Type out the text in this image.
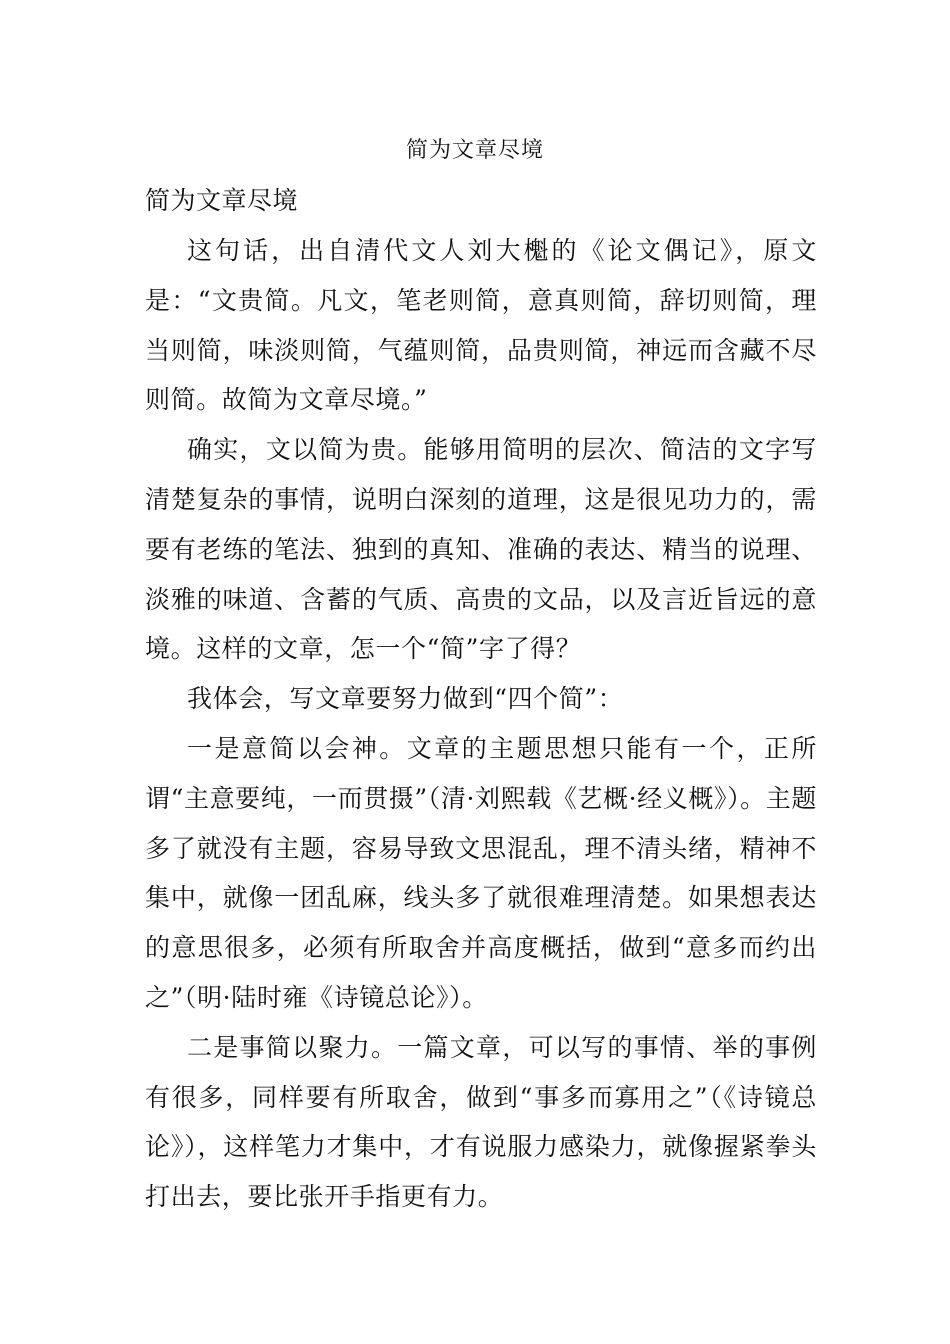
简为文章尽境
简为文章尽境

这句话，出自清代文人刘大櫆的《论文偶记》，原文是：“文贵简。凡文，笔老则简，意真则简，辞切则简，理当则简，味淡则简，气蕴则简，品贵则简，神远而含藏不尽则简。故简为文章尽境。”

确实，文以简为贵。能够用简明的层次、简洁的文字写清楚复杂的事情，说明白深刻的道理，这是很见功力的，需要有老练的笔法、独到的真知、准确的表达、精当的说理、淡雅的味道、含蓄的气质、高贵的文品，以及言近旨远的意境。这样的文章，怎一个“简”字了得？

我体会，写文章要努力做到“四个简”：

一是意简以会神。文章的主题思想只能有一个，正所谓“主意要纯，一而贯摄”（清·刘熙载《艺概·经义概》）。主题多了就没有主题，容易导致文思混乱，理不清头绪，精神不集中，就像一团乱麻，线头多了就很难理清楚。如果想表达的意思很多，必须有所取舍并高度概括，做到“意多而约出之”（明·陆时雍《诗镜总论》）。

二是事简以聚力。一篇文章，可以写的事情、举的事例有很多，同样要有所取舍，做到“事多而寡用之”（《诗镜总论》），这样笔力才集中，才有说服力感染力，就像握紧拳头打出去，要比张开手指更有力。
